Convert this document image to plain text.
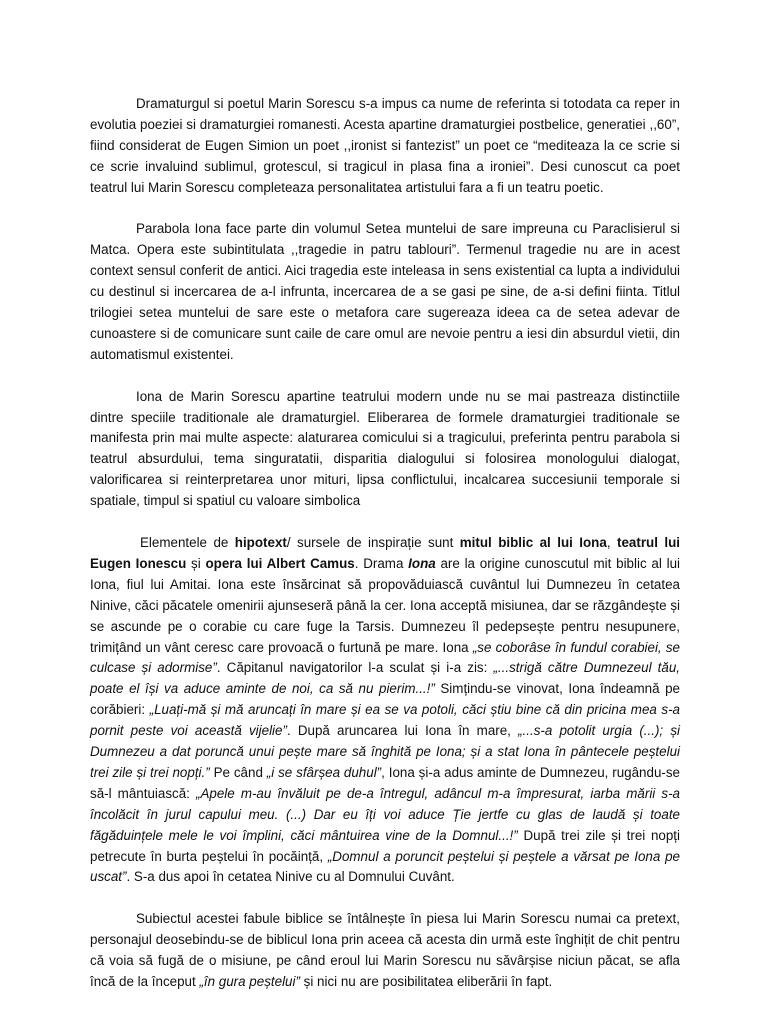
Dramaturgul si poetul Marin Sorescu s-a impus ca nume de referinta si totodata ca reper in evolutia poeziei si dramaturgiei romanesti. Acesta apartine dramaturgiei postbelice, generatiei ,,60”, fiind considerat de Eugen Simion un poet ,,ironist si fantezist” un poet ce “mediteaza la ce scrie si ce scrie invaluind sublimul, grotescul, si tragicul in plasa fina a ironiei”. Desi cunoscut ca poet teatrul lui Marin Sorescu completeaza personalitatea artistului fara a fi un teatru poetic.

Parabola Iona face parte din volumul Setea muntelui de sare impreuna cu Paraclisierul si Matca. Opera este subintitulata ,,tragedie in patru tablouri”. Termenul tragedie nu are in acest context sensul conferit de antici. Aici tragedia este inteleasa in sens existential ca lupta a individului cu destinul si incercarea de a-l infrunta, incercarea de a se gasi pe sine, de a-si defini fiinta. Titlul trilogiei setea muntelui de sare este o metafora care sugereaza ideea ca de setea adevar de cunoastere si de comunicare sunt caile de care omul are nevoie pentru a iesi din absurdul vietii, din automatismul existentei.

Iona de Marin Sorescu apartine teatrului modern unde nu se mai pastreaza distinctiile dintre speciile traditionale ale dramaturgiel. Eliberarea de formele dramaturgiei traditionale se manifesta prin mai multe aspecte: alaturarea comicului si a tragicului, preferinta pentru parabola si teatrul absurdului, tema singuratatii, disparitia dialogului si folosirea monologului dialogat, valorificarea si reinterpretarea unor mituri, lipsa conflictului, incalcarea succesiunii temporale si spatiale, timpul si spatiul cu valoare simbolica

Elementele de hipotext/ sursele de inspirație sunt mitul biblic al lui Iona, teatrul lui Eugen Ionescu și opera lui Albert Camus. Drama Iona are la origine cunoscutul mit biblic al lui Iona, fiul lui Amitai. Iona este însărcinat să propovăduiască cuvântul lui Dumnezeu în cetatea Ninive, căci păcatele omenirii ajunseseră până la cer. Iona acceptă misiunea, dar se răzgândește și se ascunde pe o corabie cu care fuge la Tarsis. Dumnezeu îl pedepsește pentru nesupunere, trimițând un vânt ceresc care provoacă o furtună pe mare. Iona „se coborâse în fundul corabiei, se culcase și adormise”. Căpitanul navigatorilor l-a sculat și i-a zis: „...strigă către Dumnezeul tău, poate el își va aduce aminte de noi, ca să nu pierim...!” Simțindu-se vinovat, Iona îndeamnă pe corăbieri: „Luați-mă și mă aruncați în mare și ea se va potoli, căci știu bine că din pricina mea s-a pornit peste voi această vijelie”. După aruncarea lui Iona în mare, „...s-a potolit urgia (...); și Dumnezeu a dat poruncă unui pește mare să înghită pe Iona; și a stat Iona în pântecele peștelui trei zile și trei nopți.” Pe când „i se sfârșea duhul”, Iona și-a adus aminte de Dumnezeu, rugându-se să-l mântuiască: „Apele m-au învăluit pe de-a întregul, adâncul m-a împresurat, iarba mării s-a încolăcit în jurul capului meu. (...) Dar eu îți voi aduce Ție jertfe cu glas de laudă și toate făgăduințele mele le voi împlini, căci mântuirea vine de la Domnul...!” După trei zile și trei nopți petrecute în burta peștelui în pocăință, „Domnul a poruncit peștelui și peștele a vărsat pe Iona pe uscat”. S-a dus apoi în cetatea Ninive cu al Domnului Cuvânt.

Subiectul acestei fabule biblice se întâlnește în piesa lui Marin Sorescu numai ca pretext, personajul deosebindu-se de biblicul Iona prin aceea că acesta din urmă este înghițit de chit pentru că voia să fugă de o misiune, pe când eroul lui Marin Sorescu nu săvârșise niciun păcat, se afla încă de la început „în gura peștelui” și nici nu are posibilitatea eliberării în fapt.
